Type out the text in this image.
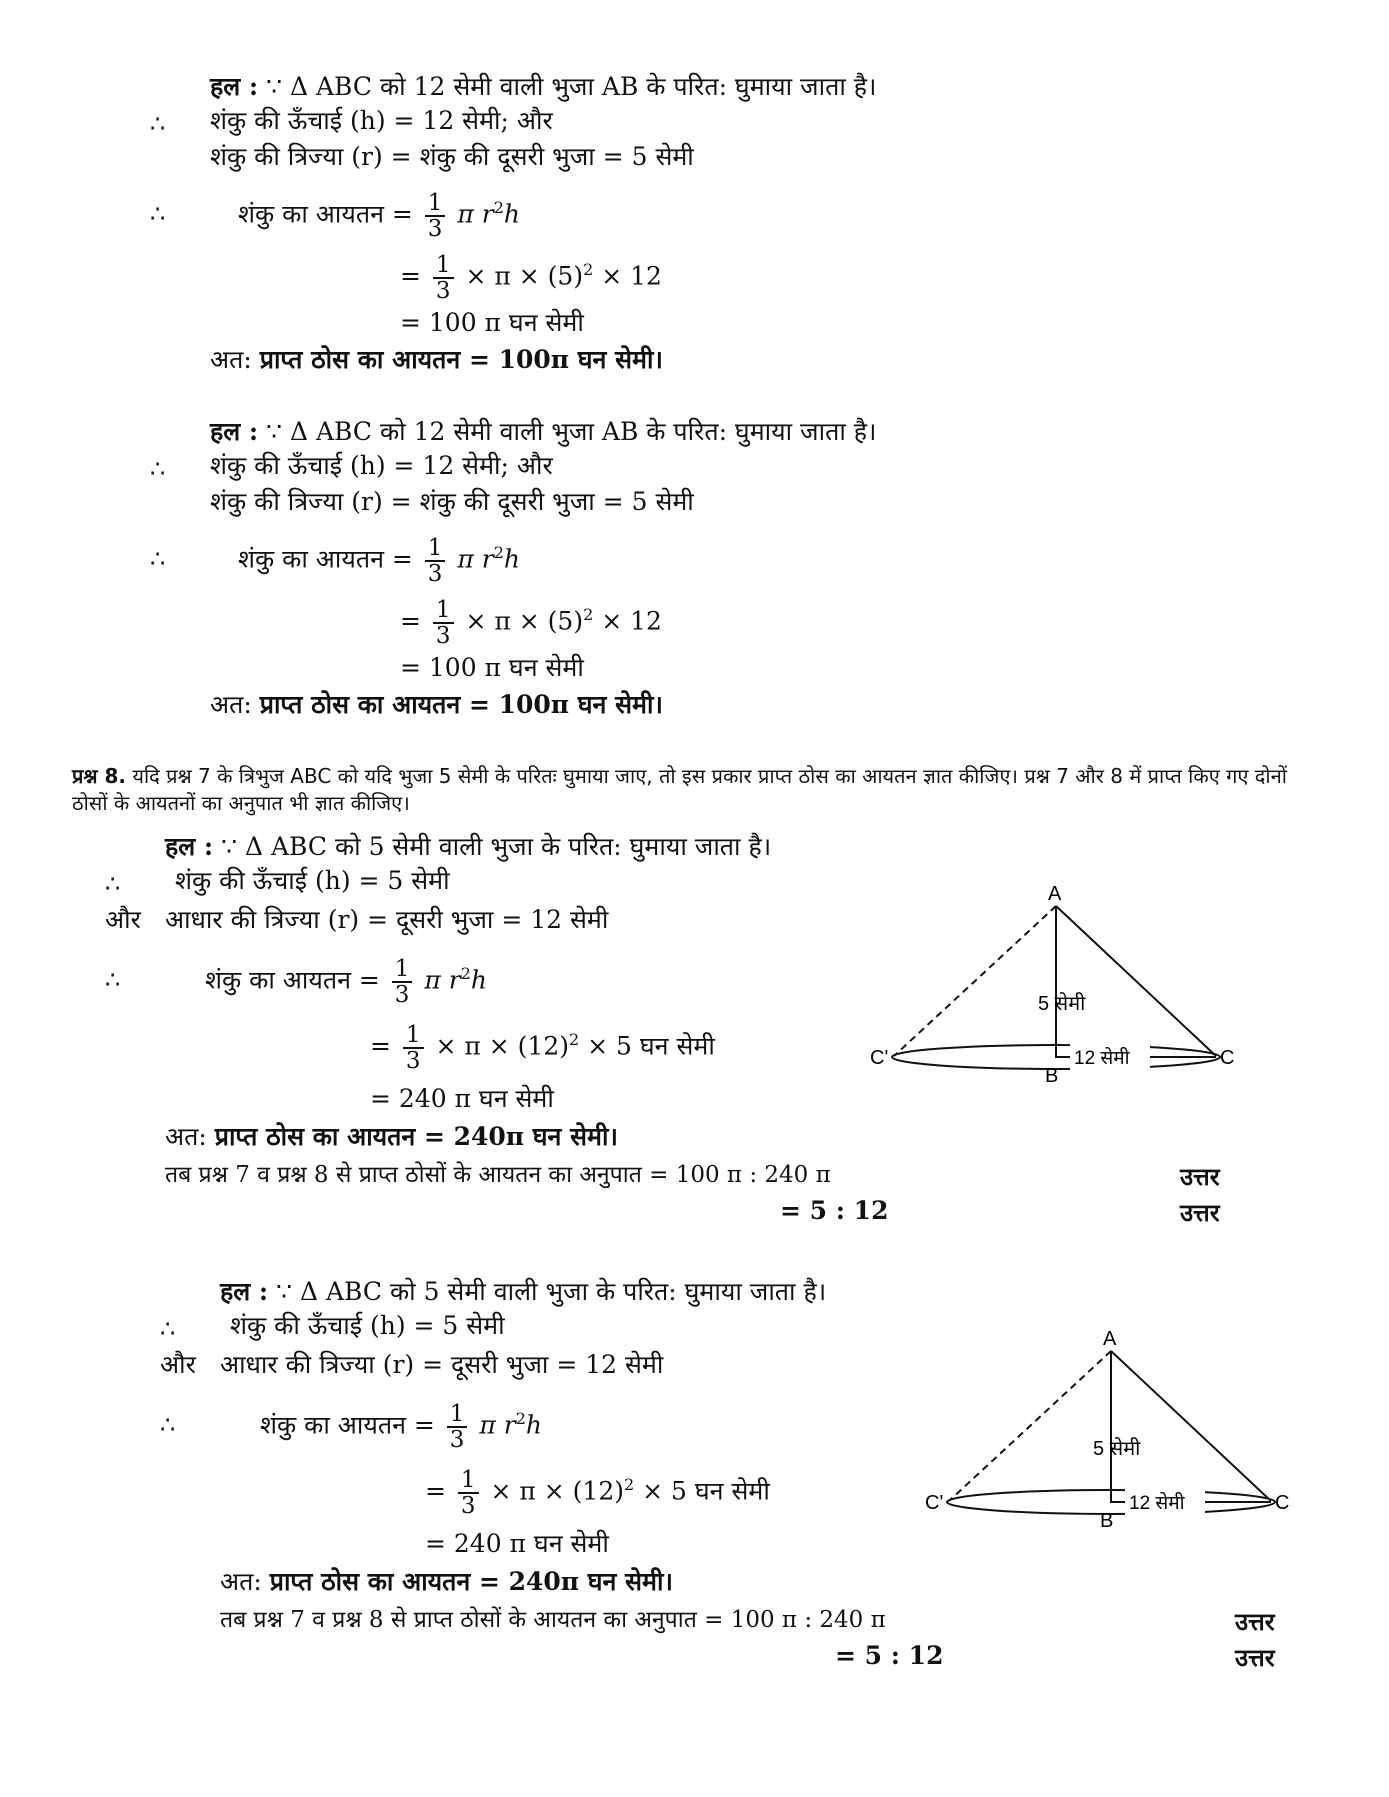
हल : ∵ Δ ABC को 12 सेमी वाली भुजा AB के परित: घुमाया जाता है।
∴ शंकु की ऊँचाई (h) = 12 सेमी; और
शंकु की त्रिज्या (r) = शंकु की दूसरी भुजा = 5 सेमी
∴	शंकु का आयतन = $\frac{1}{3}$ π $r^2h$
= $\frac{1}{3} \times \pi \times (5)^2 \times 12$
= 100 π घन सेमी
अत: प्राप्त ठोस का आयतन = 100π घन सेमी।
हल : ∵ Δ ABC को 12 सेमी वाली भुजा AB के परित: घुमाया जाता है।
∴ शंकु की ऊँचाई (h) = 12 सेमी; और
शंकु की त्रिज्या (r) = शंकु की दूसरी भुजा = 5 सेमी
∴	शंकु का आयतन = $\frac{1}{3}$ π $r^2h$
= $\frac{1}{3} \times \pi \times (5)^2 \times 12$
= 100 π घन सेमी
अत: प्राप्त ठोस का आयतन = 100π घन सेमी।
प्रश्न 8. यदि प्रश्न 7 के त्रिभुज ABC को यदि भुजा 5 सेमी के परितः घुमाया जाए, तो इस प्रकार प्राप्त ठोस का आयतन ज्ञात कीजिए। प्रश्न 7 और 8 में प्राप्त किए गए दोनों ठोसों के आयतनों का अनुपात भी ज्ञात कीजिए।
हल : ∵ Δ ABC को 5 सेमी वाली भुजा के परित: घुमाया जाता है।
∴ शंकु की ऊँचाई (h) = 5 सेमी
और आधार की त्रिज्या (r) = दूसरी भुजा = 12 सेमी
∴	शंकु का आयतन = $\frac{1}{3}$ π $r^2h$
= $\frac{1}{3} \times \pi \times (12)^2 \times 5$ घन सेमी
= 240 π घन सेमी
अत: प्राप्त ठोस का आयतन = 240π घन सेमी।
तब प्रश्न 7 व प्रश्न 8 से प्राप्त ठोसों के आयतन का अनुपात = 100 π : 240 π	उत्तर
= 5 : 12	उत्तर
A
B
C
C'
5 सेमी
12 सेमी
हल : ∵ Δ ABC को 5 सेमी वाली भुजा के परित: घुमाया जाता है।
∴ शंकु की ऊँचाई (h) = 5 सेमी
और आधार की त्रिज्या (r) = दूसरी भुजा = 12 सेमी
∴	शंकु का आयतन = $\frac{1}{3}$ π $r^2h$
= $\frac{1}{3} \times \pi \times (12)^2 \times 5$ घन सेमी
= 240 π घन सेमी
अत: प्राप्त ठोस का आयतन = 240π घन सेमी।
तब प्रश्न 7 व प्रश्न 8 से प्राप्त ठोसों के आयतन का अनुपात = 100 π : 240 π	उत्तर
= 5 : 12	उत्तर
A
B
C
C'
5 सेमी
12 सेमी
